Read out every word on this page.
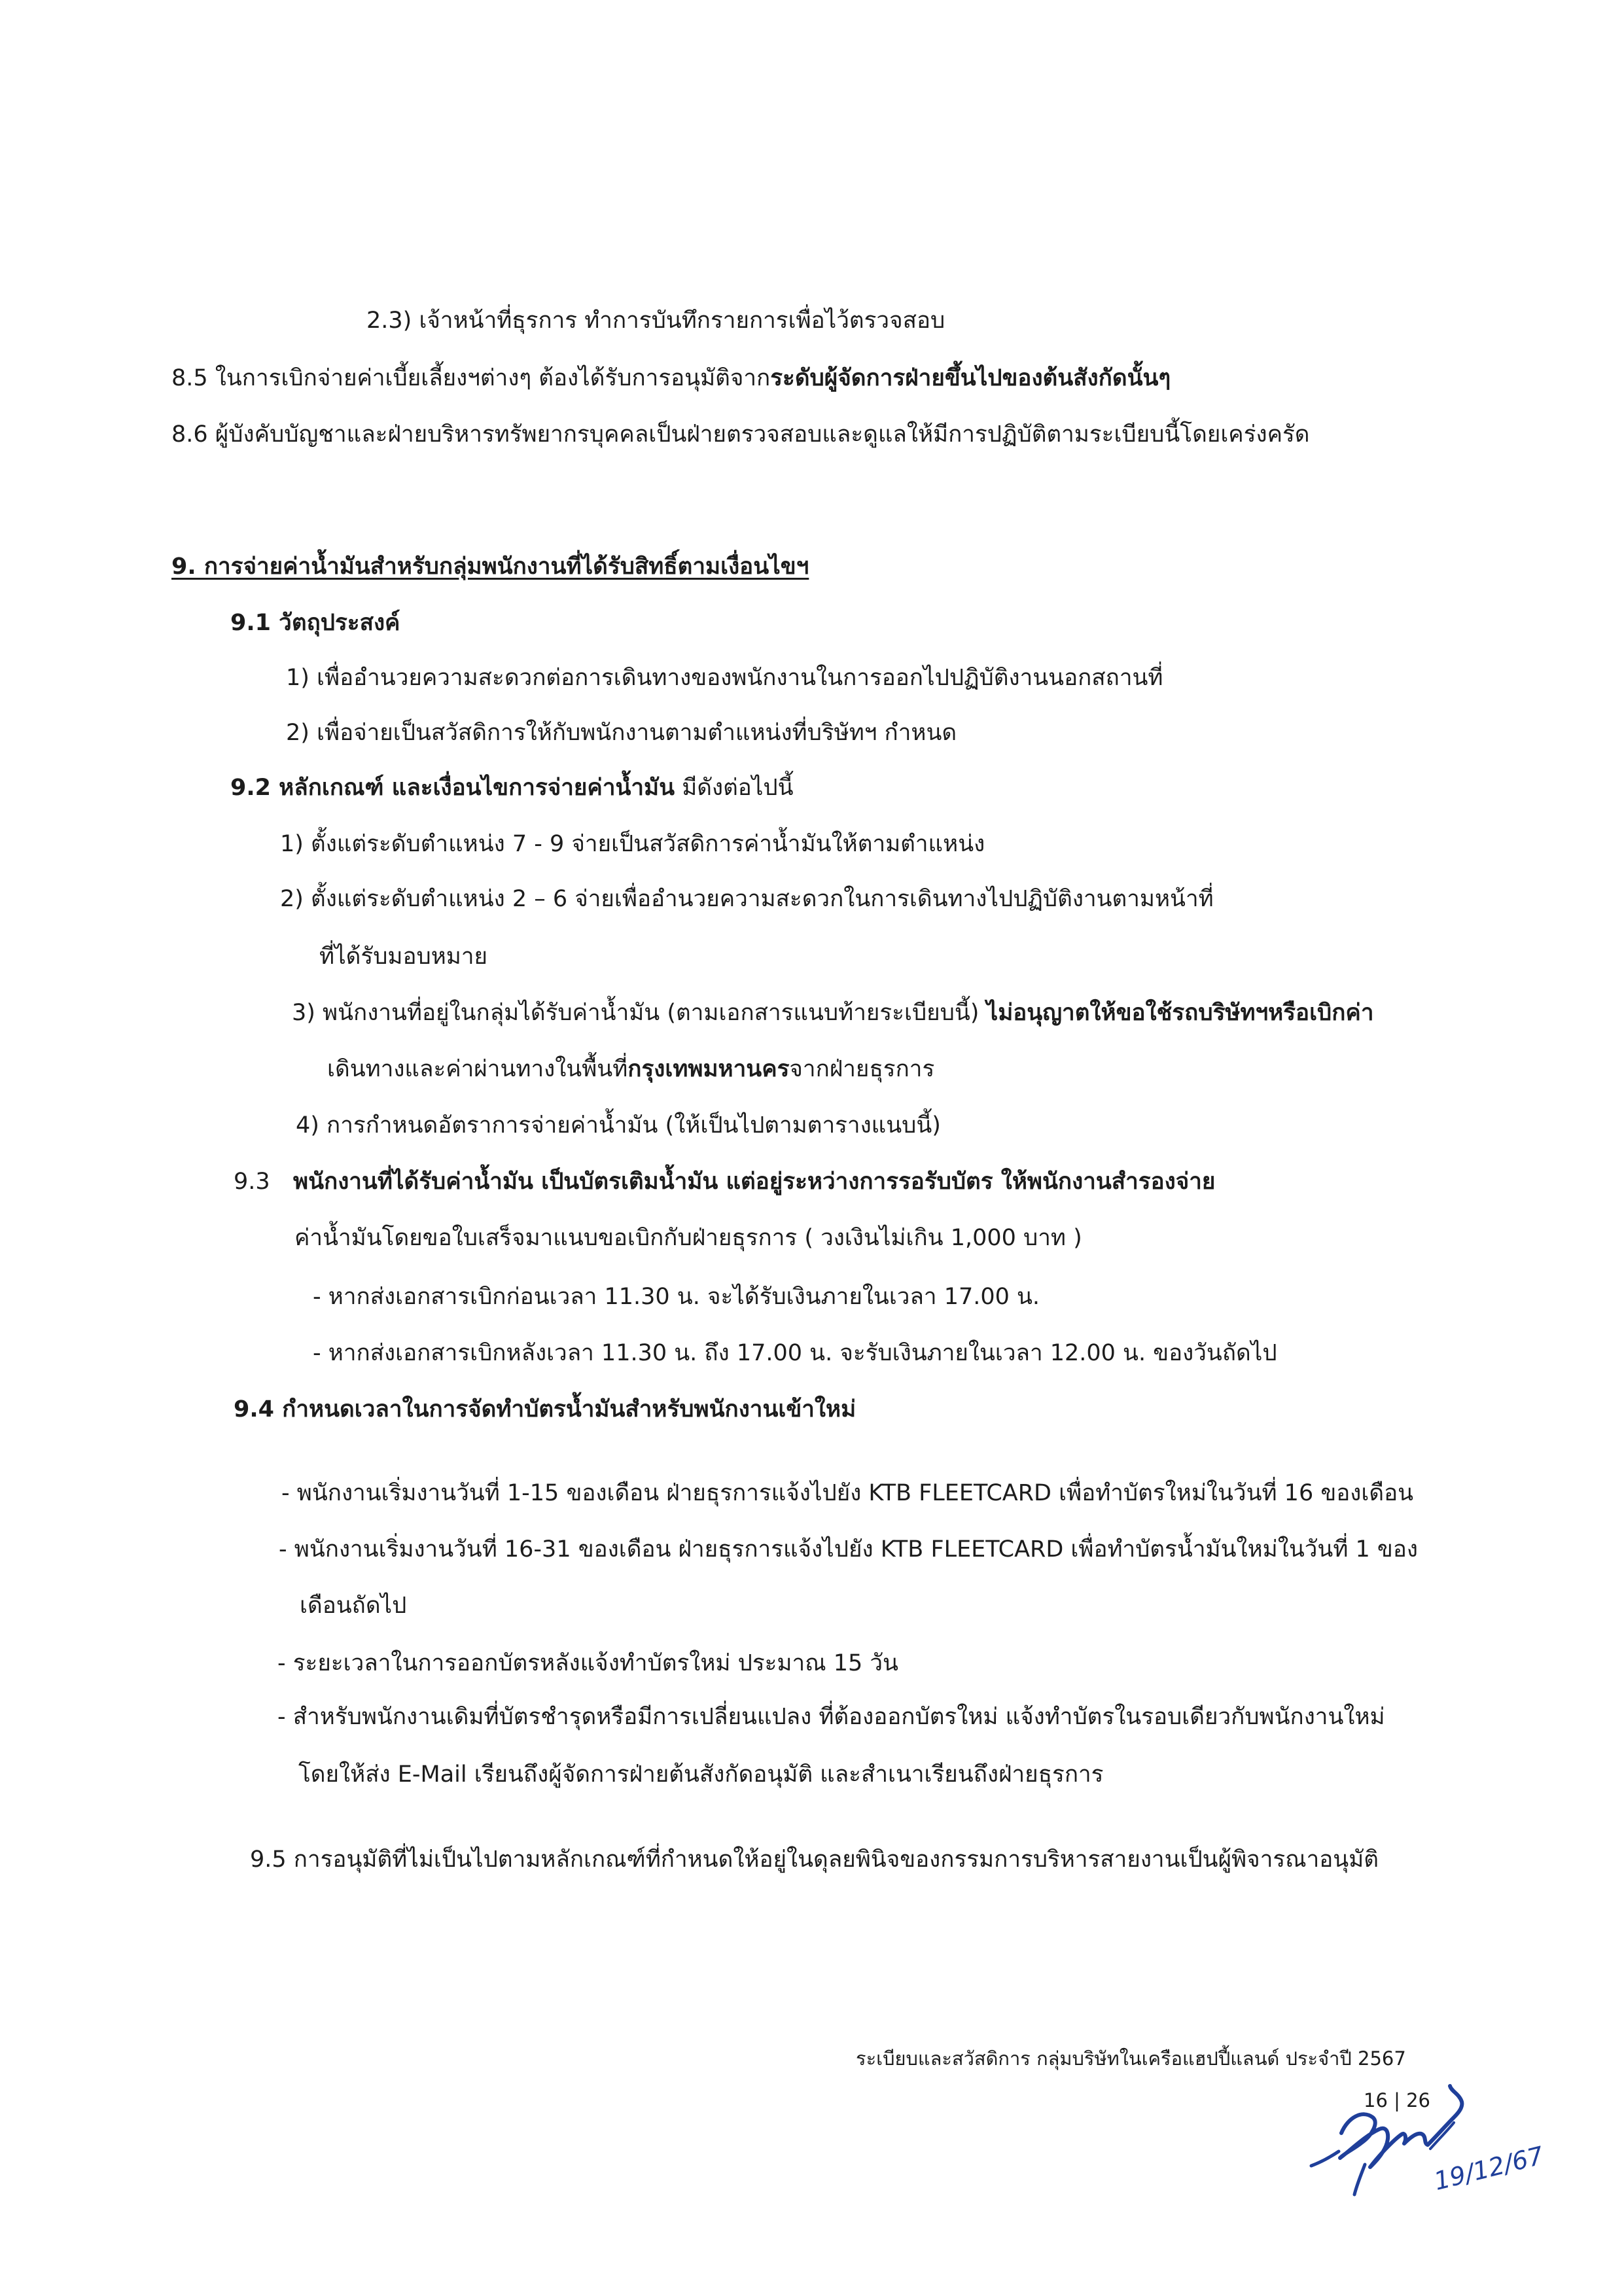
2.3) เจ้าหน้าที่ธุรการ ทำการบันทึกรายการเพื่อไว้ตรวจสอบ
8.5 ในการเบิกจ่ายค่าเบี้ยเลี้ยงฯต่างๆ ต้องได้รับการอนุมัติจากระดับผู้จัดการฝ่ายขึ้นไปของต้นสังกัดนั้นๆ
8.6 ผู้บังคับบัญชาและฝ่ายบริหารทรัพยากรบุคคลเป็นฝ่ายตรวจสอบและดูแลให้มีการปฏิบัติตามระเบียบนี้โดยเคร่งครัด
9. การจ่ายค่าน้ำมันสำหรับกลุ่มพนักงานที่ได้รับสิทธิ์ตามเงื่อนไขฯ
9.1 วัตถุประสงค์
1) เพื่ออำนวยความสะดวกต่อการเดินทางของพนักงานในการออกไปปฏิบัติงานนอกสถานที่
2) เพื่อจ่ายเป็นสวัสดิการให้กับพนักงานตามตำแหน่งที่บริษัทฯ กำหนด
9.2 หลักเกณฑ์ และเงื่อนไขการจ่ายค่าน้ำมัน มีดังต่อไปนี้
1) ตั้งแต่ระดับตำแหน่ง 7 - 9 จ่ายเป็นสวัสดิการค่าน้ำมันให้ตามตำแหน่ง
2) ตั้งแต่ระดับตำแหน่ง 2 – 6 จ่ายเพื่ออำนวยความสะดวกในการเดินทางไปปฏิบัติงานตามหน้าที่
ที่ได้รับมอบหมาย
3) พนักงานที่อยู่ในกลุ่มได้รับค่าน้ำมัน (ตามเอกสารแนบท้ายระเบียบนี้) ไม่อนุญาตให้ขอใช้รถบริษัทฯหรือเบิกค่า
เดินทางและค่าผ่านทางในพื้นที่กรุงเทพมหานครจากฝ่ายธุรการ
4) การกำหนดอัตราการจ่ายค่าน้ำมัน (ให้เป็นไปตามตารางแนบนี้)
9.3 พนักงานที่ได้รับค่าน้ำมัน เป็นบัตรเติมน้ำมัน แต่อยู่ระหว่างการรอรับบัตร ให้พนักงานสำรองจ่าย
ค่าน้ำมันโดยขอใบเสร็จมาแนบขอเบิกกับฝ่ายธุรการ ( วงเงินไม่เกิน 1,000 บาท )
- หากส่งเอกสารเบิกก่อนเวลา 11.30 น. จะได้รับเงินภายในเวลา 17.00 น.
- หากส่งเอกสารเบิกหลังเวลา 11.30 น. ถึง 17.00 น. จะรับเงินภายในเวลา 12.00 น. ของวันถัดไป
9.4 กำหนดเวลาในการจัดทำบัตรน้ำมันสำหรับพนักงานเข้าใหม่
- พนักงานเริ่มงานวันที่ 1-15 ของเดือน ฝ่ายธุรการแจ้งไปยัง KTB FLEETCARD เพื่อทำบัตรใหม่ในวันที่ 16 ของเดือน
- พนักงานเริ่มงานวันที่ 16-31 ของเดือน ฝ่ายธุรการแจ้งไปยัง KTB FLEETCARD เพื่อทำบัตรน้ำมันใหม่ในวันที่ 1 ของ
เดือนถัดไป
- ระยะเวลาในการออกบัตรหลังแจ้งทำบัตรใหม่ ประมาณ 15 วัน
- สำหรับพนักงานเดิมที่บัตรชำรุดหรือมีการเปลี่ยนแปลง ที่ต้องออกบัตรใหม่ แจ้งทำบัตรในรอบเดียวกับพนักงานใหม่
โดยให้ส่ง E-Mail เรียนถึงผู้จัดการฝ่ายต้นสังกัดอนุมัติ และสำเนาเรียนถึงฝ่ายธุรการ
9.5 การอนุมัติที่ไม่เป็นไปตามหลักเกณฑ์ที่กำหนดให้อยู่ในดุลยพินิจของกรรมการบริหารสายงานเป็นผู้พิจารณาอนุมัติ
ระเบียบและสวัสดิการ กลุ่มบริษัทในเครือแฮปปี้แลนด์ ประจำปี 2567
16 | 26
19/12/67
